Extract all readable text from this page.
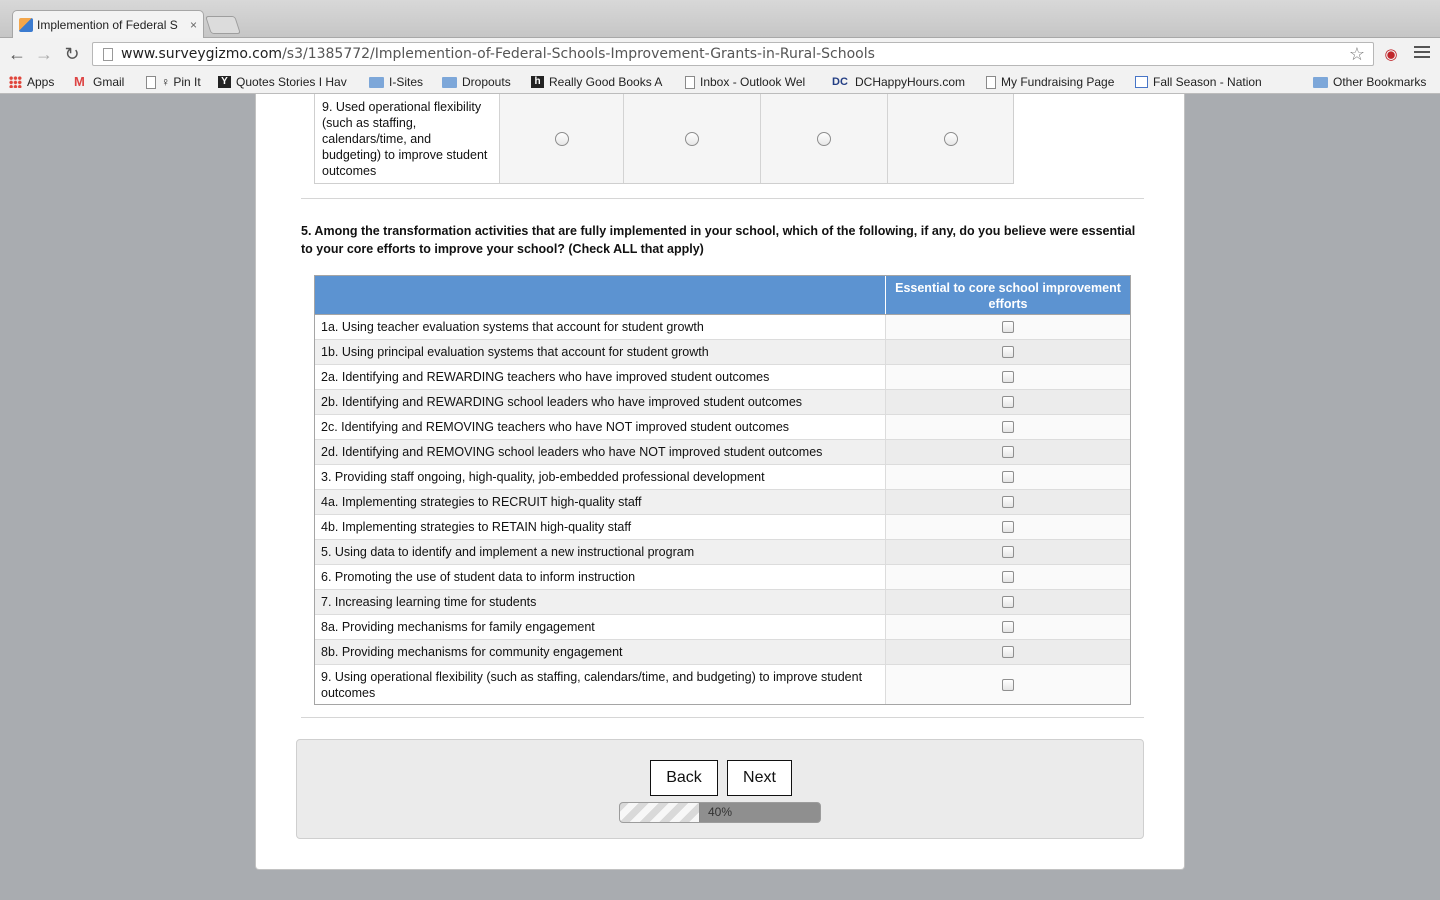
Implemention of Federal S	×
← → ↻	www.surveygizmo.com/s3/1385772/Implemention-of-Federal-Schools-Improvement-Grants-in-Rural-Schools	☆ ◉
Apps M Gmail	♀ Pin It	Y Quotes Stories I Hav	I-Sites	Dropouts	h Really Good Books A	Inbox - Outlook Wel DC DCHappyHours.com	My Fundraising Page	Fall Season - Nation	Other Bookmarks
9. Used operational flexibility (such as staffing, calendars/time, and budgeting) to improve student outcomes
5. Among the transformation activities that are fully implemented in your school, which of the following, if any, do you believe were essential to your core efforts to improve your school? (Check ALL that apply)
Essential to core school improvement efforts
1a. Using teacher evaluation systems that account for student growth
1b. Using principal evaluation systems that account for student growth
2a. Identifying and REWARDING teachers who have improved student outcomes
2b. Identifying and REWARDING school leaders who have improved student outcomes
2c. Identifying and REMOVING teachers who have NOT improved student outcomes
2d. Identifying and REMOVING school leaders who have NOT improved student outcomes
3. Providing staff ongoing, high-quality, job-embedded professional development
4a. Implementing strategies to RECRUIT high-quality staff
4b. Implementing strategies to RETAIN high-quality staff
5. Using data to identify and implement a new instructional program
6. Promoting the use of student data to inform instruction
7. Increasing learning time for students
8a. Providing mechanisms for family engagement
8b. Providing mechanisms for community engagement
9. Using operational flexibility (such as staffing, calendars/time, and budgeting) to improve student outcomes
Back	Next
40%
